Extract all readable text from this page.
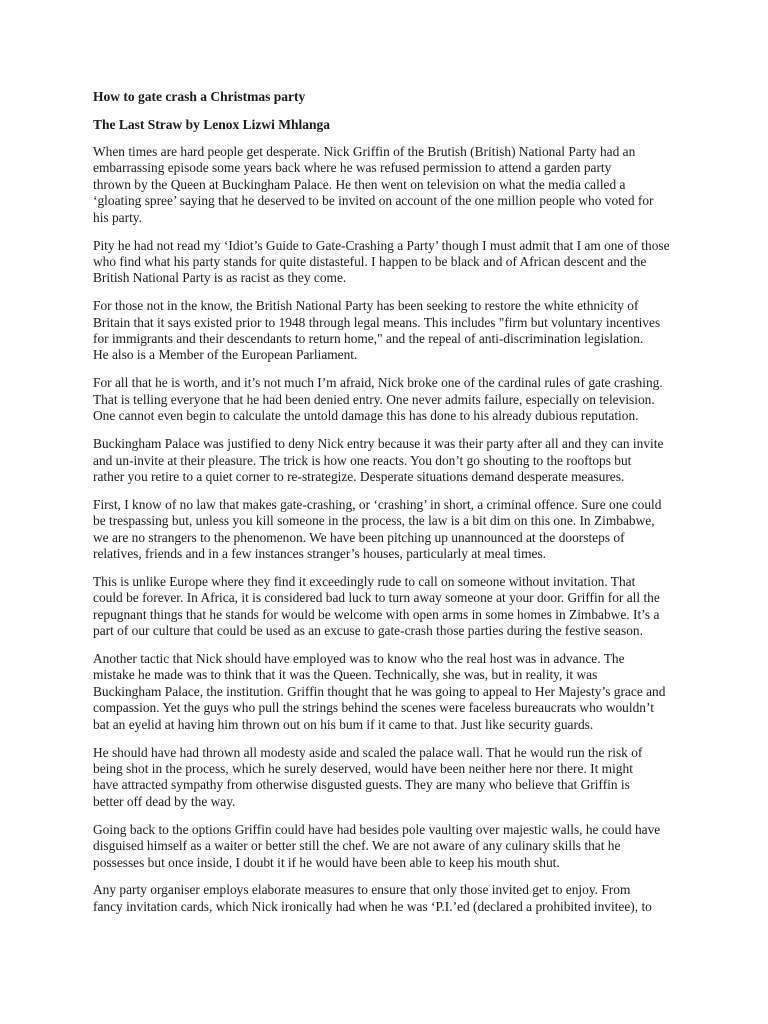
How to gate crash a Christmas party
The Last Straw by Lenox Lizwi Mhlanga
When times are hard people get desperate. Nick Griffin of the Brutish (British) National Party had an
embarrassing episode some years back where he was refused permission to attend a garden party
thrown by the Queen at Buckingham Palace. He then went on television on what the media called a
‘gloating spree’ saying that he deserved to be invited on account of the one million people who voted for
his party.
Pity he had not read my ‘Idiot’s Guide to Gate-Crashing a Party’ though I must admit that I am one of those
who find what his party stands for quite distasteful. I happen to be black and of African descent and the
British National Party is as racist as they come.
For those not in the know, the British National Party has been seeking to restore the white ethnicity of
Britain that it says existed prior to 1948 through legal means. This includes "firm but voluntary incentives
for immigrants and their descendants to return home," and the repeal of anti-discrimination legislation.
He also is a Member of the European Parliament.
For all that he is worth, and it’s not much I’m afraid, Nick broke one of the cardinal rules of gate crashing.
That is telling everyone that he had been denied entry. One never admits failure, especially on television.
One cannot even begin to calculate the untold damage this has done to his already dubious reputation.
Buckingham Palace was justified to deny Nick entry because it was their party after all and they can invite
and un-invite at their pleasure. The trick is how one reacts. You don’t go shouting to the rooftops but
rather you retire to a quiet corner to re-strategize. Desperate situations demand desperate measures.
First, I know of no law that makes gate-crashing, or ‘crashing’ in short, a criminal offence. Sure one could
be trespassing but, unless you kill someone in the process, the law is a bit dim on this one. In Zimbabwe,
we are no strangers to the phenomenon. We have been pitching up unannounced at the doorsteps of
relatives, friends and in a few instances stranger’s houses, particularly at meal times.
This is unlike Europe where they find it exceedingly rude to call on someone without invitation. That
could be forever. In Africa, it is considered bad luck to turn away someone at your door. Griffin for all the
repugnant things that he stands for would be welcome with open arms in some homes in Zimbabwe. It’s a
part of our culture that could be used as an excuse to gate-crash those parties during the festive season.
Another tactic that Nick should have employed was to know who the real host was in advance. The
mistake he made was to think that it was the Queen. Technically, she was, but in reality, it was
Buckingham Palace, the institution. Griffin thought that he was going to appeal to Her Majesty’s grace and
compassion. Yet the guys who pull the strings behind the scenes were faceless bureaucrats who wouldn’t
bat an eyelid at having him thrown out on his bum if it came to that. Just like security guards.
He should have had thrown all modesty aside and scaled the palace wall. That he would run the risk of
being shot in the process, which he surely deserved, would have been neither here nor there. It might
have attracted sympathy from otherwise disgusted guests. They are many who believe that Griffin is
better off dead by the way.
Going back to the options Griffin could have had besides pole vaulting over majestic walls, he could have
disguised himself as a waiter or better still the chef. We are not aware of any culinary skills that he
possesses but once inside, I doubt it if he would have been able to keep his mouth shut.
Any party organiser employs elaborate measures to ensure that only those invited get to enjoy. From
fancy invitation cards, which Nick ironically had when he was ‘P.I.’ed (declared a prohibited invitee), to
